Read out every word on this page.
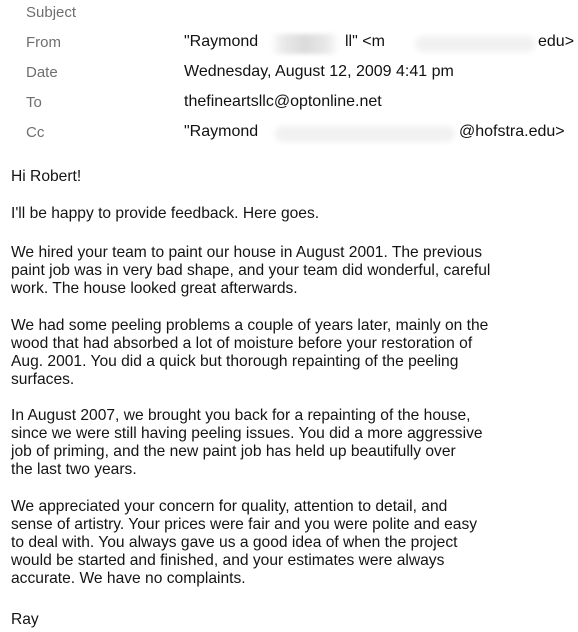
Subject
From	"Raymond	ll" <m	edu>
Date	Wednesday, August 12, 2009 4:41 pm
To	thefineartsllc@optonline.net
Cc	"Raymond	@hofstra.edu>

Hi Robert!

I'll be happy to provide feedback. Here goes.

We hired your team to paint our house in August 2001. The previous
paint job was in very bad shape, and your team did wonderful, careful
work. The house looked great afterwards.

We had some peeling problems a couple of years later, mainly on the
wood that had absorbed a lot of moisture before your restoration of
Aug. 2001. You did a quick but thorough repainting of the peeling
surfaces.

In August 2007, we brought you back for a repainting of the house,
since we were still having peeling issues. You did a more aggressive
job of priming, and the new paint job has held up beautifully over
the last two years.

We appreciated your concern for quality, attention to detail, and
sense of artistry. Your prices were fair and you were polite and easy
to deal with. You always gave us a good idea of when the project
would be started and finished, and your estimates were always
accurate. We have no complaints.

Ray
